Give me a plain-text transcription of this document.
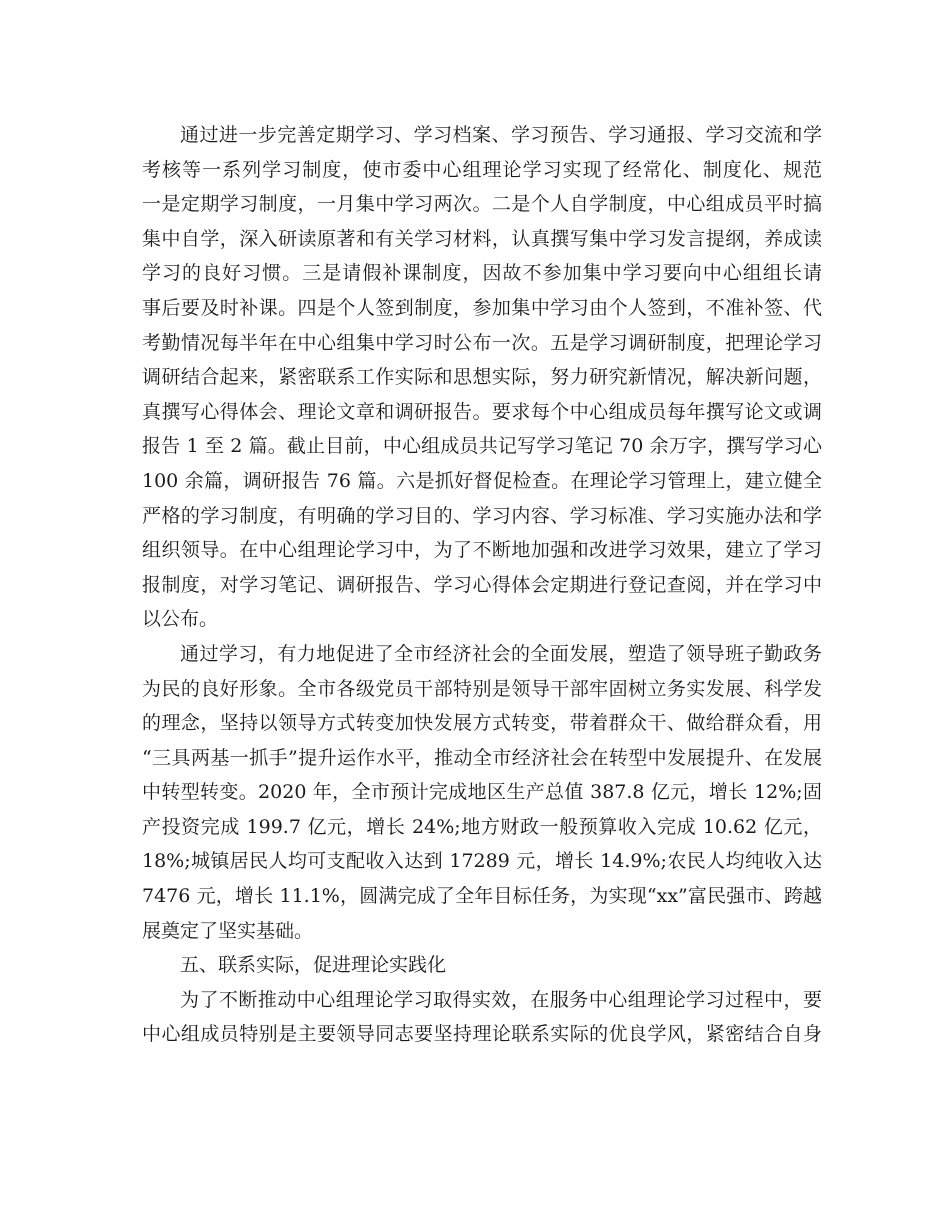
通过进一步完善定期学习、学习档案、学习预告、学习通报、学习交流和学
考核等一系列学习制度，使市委中心组理论学习实现了经常化、制度化、规范
一是定期学习制度，一月集中学习两次。二是个人自学制度，中心组成员平时搞
集中自学，深入研读原著和有关学习材料，认真撰写集中学习发言提纲，养成读
学习的良好习惯。三是请假补课制度，因故不参加集中学习要向中心组组长请
事后要及时补课。四是个人签到制度，参加集中学习由个人签到，不准补签、代
考勤情况每半年在中心组集中学习时公布一次。五是学习调研制度，把理论学习
调研结合起来，紧密联系工作实际和思想实际，努力研究新情况，解决新问题，
真撰写心得体会、理论文章和调研报告。要求每个中心组成员每年撰写论文或调
报告 1 至 2 篇。截止目前，中心组成员共记写学习笔记 70 余万字，撰写学习心
100 余篇，调研报告 76 篇。六是抓好督促检查。在理论学习管理上，建立健全
严格的学习制度，有明确的学习目的、学习内容、学习标准、学习实施办法和学
组织领导。在中心组理论学习中，为了不断地加强和改进学习效果，建立了学习
报制度，对学习笔记、调研报告、学习心得体会定期进行登记查阅，并在学习中
以公布。
通过学习，有力地促进了全市经济社会的全面发展，塑造了领导班子勤政务
为民的良好形象。全市各级党员干部特别是领导干部牢固树立务实发展、科学发
的理念，坚持以领导方式转变加快发展方式转变，带着群众干、做给群众看，用
“三具两基一抓手”提升运作水平，推动全市经济社会在转型中发展提升、在发展
中转型转变。2020 年，全市预计完成地区生产总值 387.8 亿元，增长 12%;固
产投资完成 199.7 亿元，增长 24%;地方财政一般预算收入完成 10.62 亿元，
18%;城镇居民人均可支配收入达到 17289 元，增长 14.9%;农民人均纯收入达
7476 元，增长 11.1%，圆满完成了全年目标任务，为实现“xx”富民强市、跨越
展奠定了坚实基础。
五、联系实际，促进理论实践化
为了不断推动中心组理论学习取得实效，在服务中心组理论学习过程中，要
中心组成员特别是主要领导同志要坚持理论联系实际的优良学风，紧密结合自身
